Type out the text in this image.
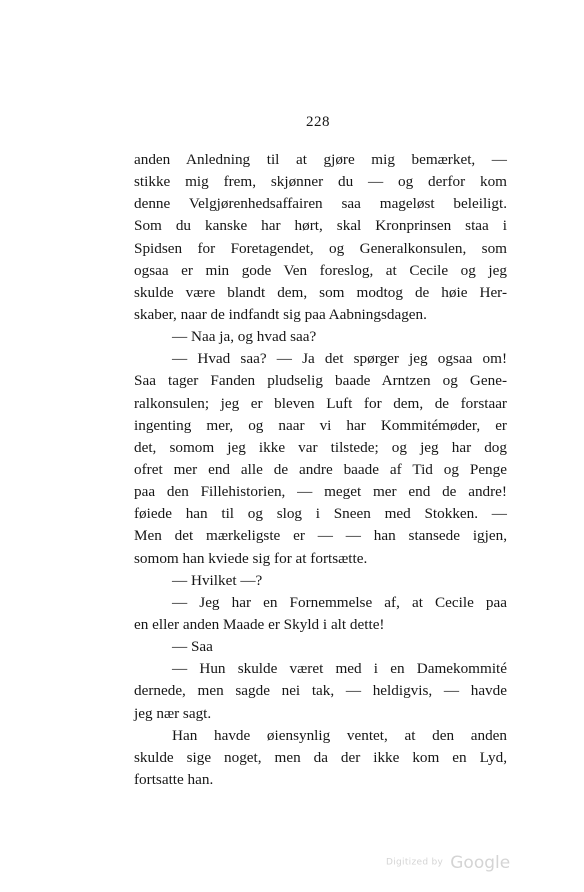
228
anden Anledning til at gjøre mig bemærket, —
stikke mig frem, skjønner du — og derfor kom
denne Velgjørenhedsaffairen saa mageløst beleiligt.
Som du kanske har hørt, skal Kronprinsen staa i
Spidsen for Foretagendet, og Generalkonsulen, som
ogsaa er min gode Ven foreslog, at Cecile og jeg
skulde være blandt dem, som modtog de høie Her-
skaber, naar de indfandt sig paa Aabningsdagen.
— Naa ja, og hvad saa?
— Hvad saa? — Ja det spørger jeg ogsaa om!
Saa tager Fanden pludselig baade Arntzen og Gene-
ralkonsulen; jeg er bleven Luft for dem, de forstaar
ingenting mer, og naar vi har Kommitémøder, er
det, somom jeg ikke var tilstede; og jeg har dog
ofret mer end alle de andre baade af Tid og Penge
paa den Fillehistorien, — meget mer end de andre!
føiede han til og slog i Sneen med Stokken. —
Men det mærkeligste er — — han stansede igjen,
somom han kviede sig for at fortsætte.
— Hvilket —?
— Jeg har en Fornemmelse af, at Cecile paa
en eller anden Maade er Skyld i alt dette!
— Saa
— Hun skulde været med i en Damekommité
dernede, men sagde nei tak, — heldigvis, — havde
jeg nær sagt.
Han havde øiensynlig ventet, at den anden
skulde sige noget, men da der ikke kom en Lyd,
fortsatte han.
Digitized by Google
